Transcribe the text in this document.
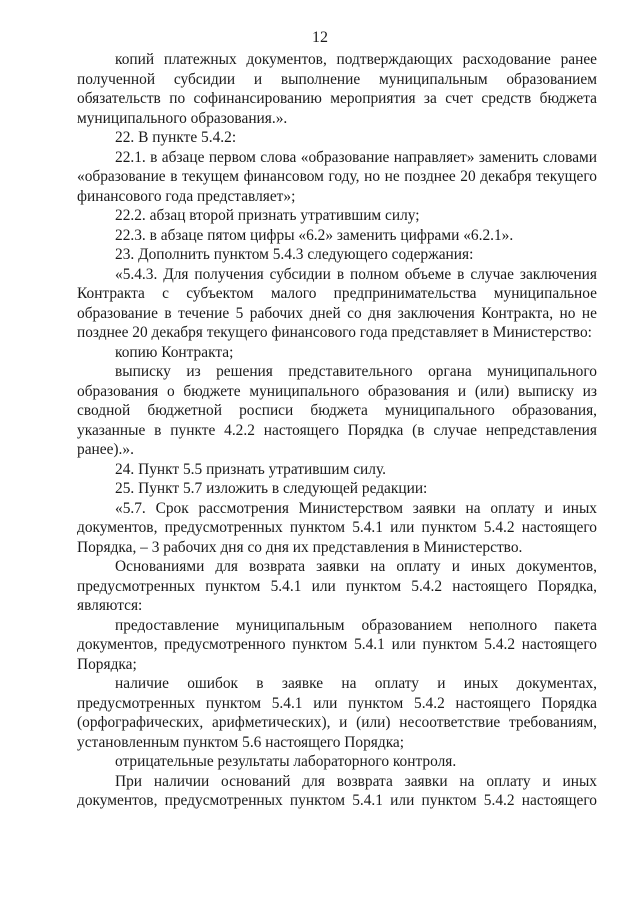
12

копий платежных документов, подтверждающих расходование ранее полученной субсидии и выполнение муниципальным образованием обязательств по софинансированию мероприятия за счет средств бюджета муниципального образования.».

22. В пункте 5.4.2:

22.1. в абзаце первом слова «образование направляет» заменить словами «образование в текущем финансовом году, но не позднее 20 декабря текущего финансового года представляет»;

22.2. абзац второй признать утратившим силу;

22.3. в абзаце пятом цифры «6.2» заменить цифрами «6.2.1».

23. Дополнить пунктом 5.4.3 следующего содержания:

«5.4.3. Для получения субсидии в полном объеме в случае заключения Контракта с субъектом малого предпринимательства муниципальное образование в течение 5 рабочих дней со дня заключения Контракта, но не позднее 20 декабря текущего финансового года представляет в Министерство:

копию Контракта;

выписку из решения представительного органа муниципального образования о бюджете муниципального образования и (или) выписку из сводной бюджетной росписи бюджета муниципального образования, указанные в пункте 4.2.2 настоящего Порядка (в случае непредставления ранее).».

24. Пункт 5.5 признать утратившим силу.

25. Пункт 5.7 изложить в следующей редакции:

«5.7. Срок рассмотрения Министерством заявки на оплату и иных документов, предусмотренных пунктом 5.4.1 или пунктом 5.4.2 настоящего Порядка, – 3 рабочих дня со дня их представления в Министерство.

Основаниями для возврата заявки на оплату и иных документов, предусмотренных пунктом 5.4.1 или пунктом 5.4.2 настоящего Порядка, являются:

предоставление муниципальным образованием неполного пакета документов, предусмотренного пунктом 5.4.1 или пунктом 5.4.2 настоящего Порядка;

наличие ошибок в заявке на оплату и иных документах, предусмотренных пунктом 5.4.1 или пунктом 5.4.2 настоящего Порядка (орфографических, арифметических), и (или) несоответствие требованиям, установленным пунктом 5.6 настоящего Порядка;

отрицательные результаты лабораторного контроля.

При наличии оснований для возврата заявки на оплату и иных документов, предусмотренных пунктом 5.4.1 или пунктом 5.4.2 настоящего
